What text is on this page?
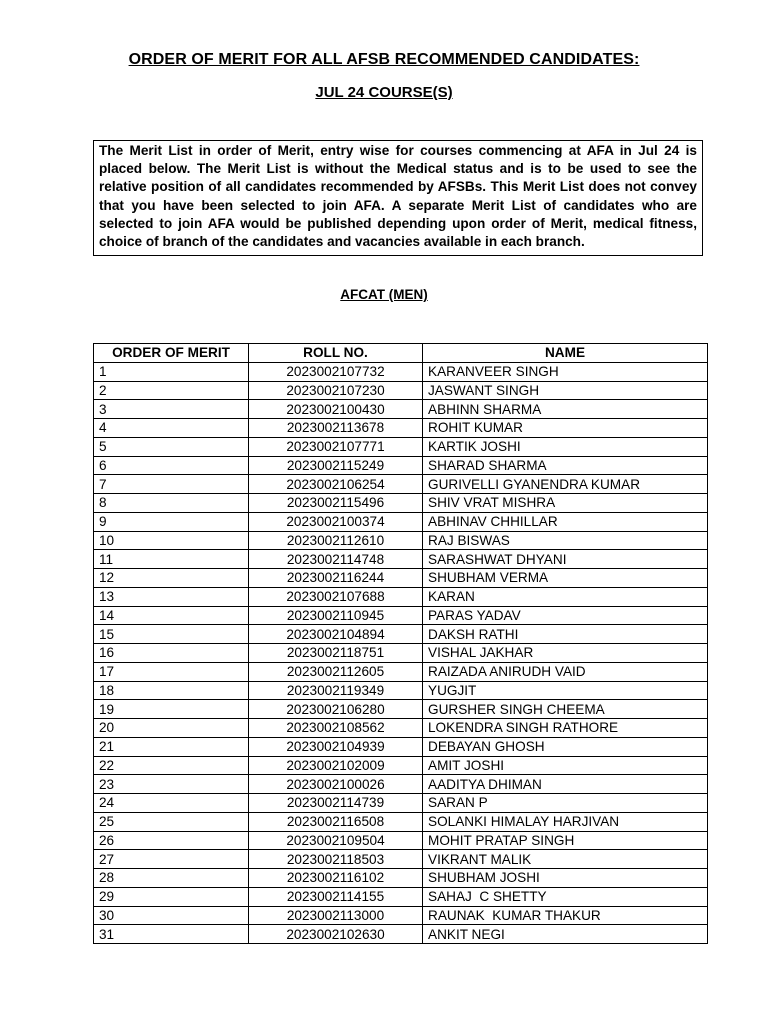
ORDER OF MERIT FOR ALL AFSB RECOMMENDED CANDIDATES:
JUL 24 COURSE(S)
The Merit List in order of Merit, entry wise for courses commencing at AFA in Jul 24 is placed below. The Merit List is without the Medical status and is to be used to see the relative position of all candidates recommended by AFSBs. This Merit List does not convey that you have been selected to join AFA. A separate Merit List of candidates who are selected to join AFA would be published depending upon order of Merit, medical fitness, choice of branch of the candidates and vacancies available in each branch.
AFCAT (MEN)
ORDER OF MERIT	ROLL NO.	NAME
1	2023002107732	KARANVEER SINGH
2	2023002107230	JASWANT SINGH
3	2023002100430	ABHINN SHARMA
4	2023002113678	ROHIT KUMAR
5	2023002107771	KARTIK JOSHI
6	2023002115249	SHARAD SHARMA
7	2023002106254	GURIVELLI GYANENDRA KUMAR
8	2023002115496	SHIV VRAT MISHRA
9	2023002100374	ABHINAV CHHILLAR
10	2023002112610	RAJ BISWAS
11	2023002114748	SARASHWAT DHYANI
12	2023002116244	SHUBHAM VERMA
13	2023002107688	KARAN
14	2023002110945	PARAS YADAV
15	2023002104894	DAKSH RATHI
16	2023002118751	VISHAL JAKHAR
17	2023002112605	RAIZADA ANIRUDH VAID
18	2023002119349	YUGJIT
19	2023002106280	GURSHER SINGH CHEEMA
20	2023002108562	LOKENDRA SINGH RATHORE
21	2023002104939	DEBAYAN GHOSH
22	2023002102009	AMIT JOSHI
23	2023002100026	AADITYA DHIMAN
24	2023002114739	SARAN P
25	2023002116508	SOLANKI HIMALAY HARJIVAN
26	2023002109504	MOHIT PRATAP SINGH
27	2023002118503	VIKRANT MALIK
28	2023002116102	SHUBHAM JOSHI
29	2023002114155	SAHAJ  C SHETTY
30	2023002113000	RAUNAK  KUMAR THAKUR
31	2023002102630	ANKIT NEGI
